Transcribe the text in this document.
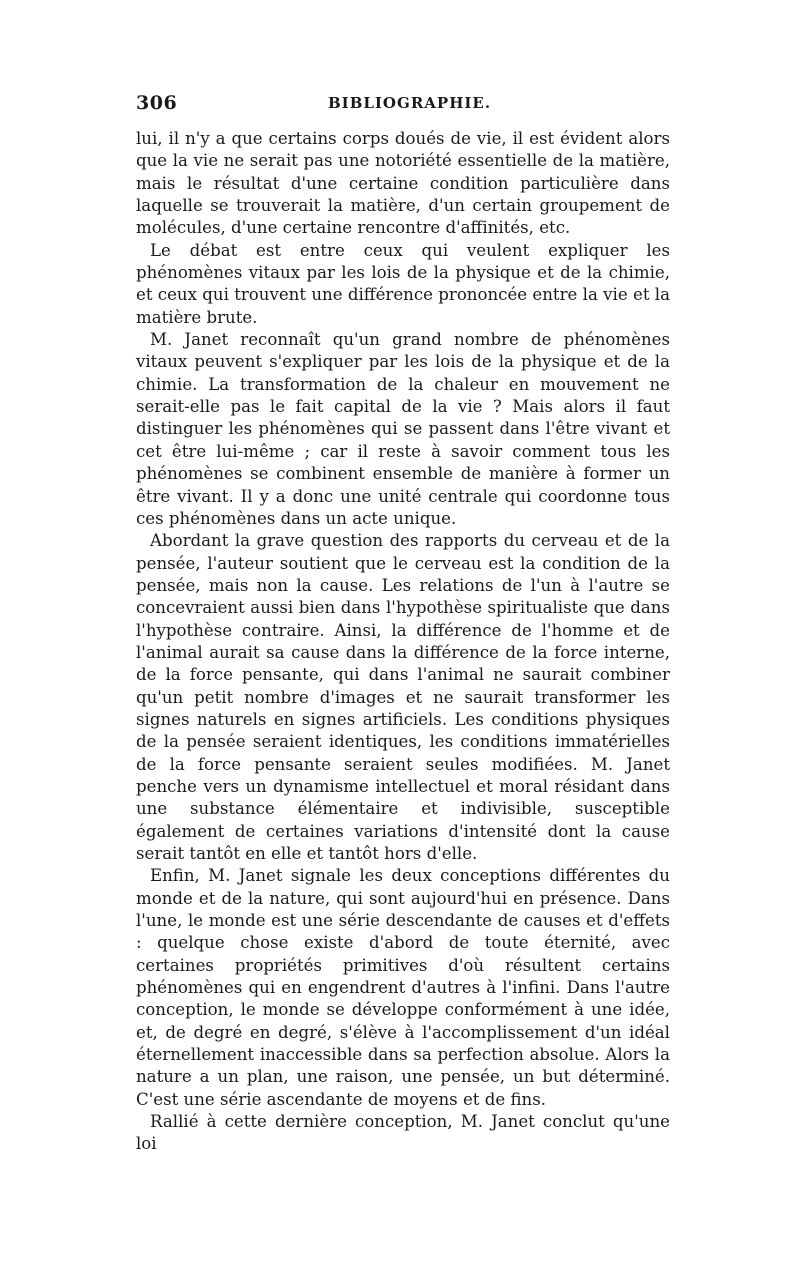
306	BIBLIOGRAPHIE.

lui, il n'y a que certains corps doués de vie, il est évident alors que la vie ne serait pas une notoriété essentielle de la matière, mais le résultat d'une certaine condition particulière dans laquelle se trouverait la matière, d'un certain groupement de molécules, d'une certaine rencontre d'affinités, etc.

Le débat est entre ceux qui veulent expliquer les phénomènes vitaux par les lois de la physique et de la chimie, et ceux qui trouvent une différence prononcée entre la vie et la matière brute.

M. Janet reconnaît qu'un grand nombre de phénomènes vitaux peuvent s'expliquer par les lois de la physique et de la chimie. La transformation de la chaleur en mouvement ne serait-elle pas le fait capital de la vie ? Mais alors il faut distinguer les phénomènes qui se passent dans l'être vivant et cet être lui-même ; car il reste à savoir comment tous les phénomènes se combinent ensemble de manière à former un être vivant. Il y a donc une unité centrale qui coordonne tous ces phénomènes dans un acte unique.

Abordant la grave question des rapports du cerveau et de la pensée, l'auteur soutient que le cerveau est la condition de la pensée, mais non la cause. Les relations de l'un à l'autre se concevraient aussi bien dans l'hypothèse spiritualiste que dans l'hypothèse contraire. Ainsi, la différence de l'homme et de l'animal aurait sa cause dans la différence de la force interne, de la force pensante, qui dans l'animal ne saurait combiner qu'un petit nombre d'images et ne saurait transformer les signes naturels en signes artificiels. Les conditions physiques de la pensée seraient identiques, les conditions immatérielles de la force pensante seraient seules modifiées. M. Janet penche vers un dynamisme intellectuel et moral résidant dans une substance élémentaire et indivisible, susceptible également de certaines variations d'intensité dont la cause serait tantôt en elle et tantôt hors d'elle.

Enfin, M. Janet signale les deux conceptions différentes du monde et de la nature, qui sont aujourd'hui en présence. Dans l'une, le monde est une série descendante de causes et d'effets : quelque chose existe d'abord de toute éternité, avec certaines propriétés primitives d'où résultent certains phénomènes qui en engendrent d'autres à l'infini. Dans l'autre conception, le monde se développe conformément à une idée, et, de degré en degré, s'élève à l'accomplissement d'un idéal éternellement inaccessible dans sa perfection absolue. Alors la nature a un plan, une raison, une pensée, un but déterminé. C'est une série ascendante de moyens et de fins.

Rallié à cette dernière conception, M. Janet conclut qu'une loi
